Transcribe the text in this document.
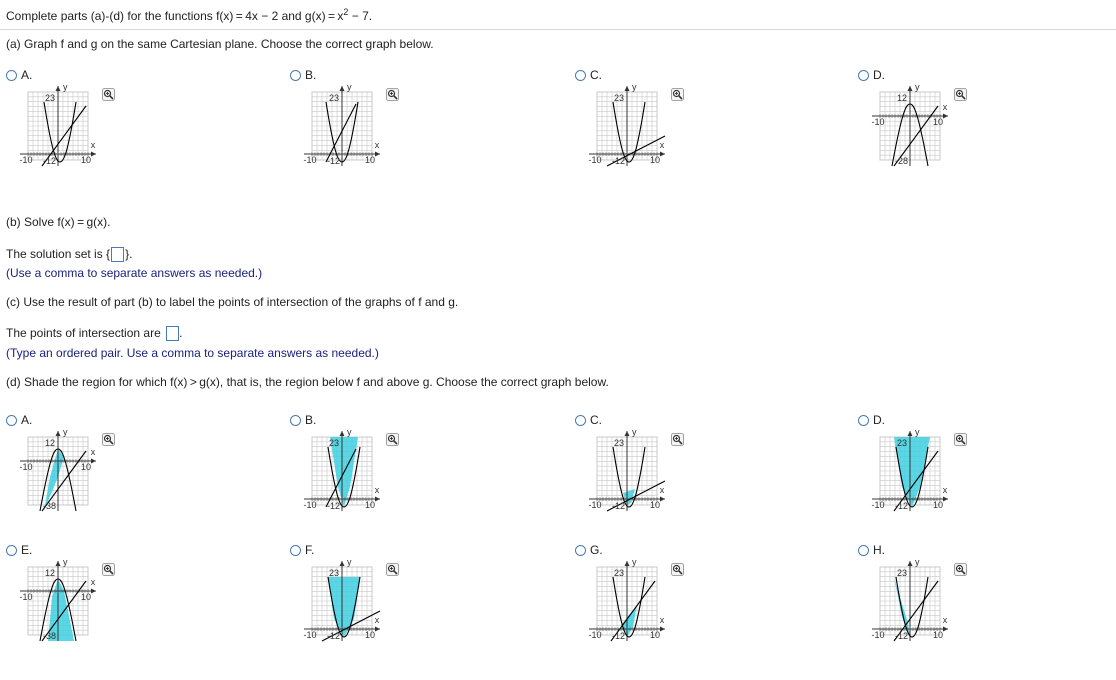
Complete parts (a)-(d) for the functions f(x) = 4x − 2 and $g(x) = x^2 - 7$.
(a) Graph f and g on the same Cartesian plane. Choose the correct graph below.
A.
23
-12
-10	10
y
x
B.
23
-12
-10	10
y
x
C.
23
-12
-10	10
y
x
D.
12
-28
-10	10
y
x
(b) Solve f(x) = g(x).
The solution set is { }.
(Use a comma to separate answers as needed.)
(c) Use the result of part (b) to label the points of intersection of the graphs of f and g.
The points of intersection are .
(Type an ordered pair. Use a comma to separate answers as needed.)
(d) Shade the region for which f(x) > g(x), that is, the region below f and above g. Choose the correct graph below.
A.
12
-38
-10	10
y
x
B.
23
-12
-10	10
y
x
C.
23
-12
-10	10
y
x
D.
23
-12
-10	10
y
x
E.
12
-38
-10	10
y
x
F.
23
-12
-10	10
y
x
G.
23
-12
-10	10
y
x
H.
23
-12
-10	10
y
x
